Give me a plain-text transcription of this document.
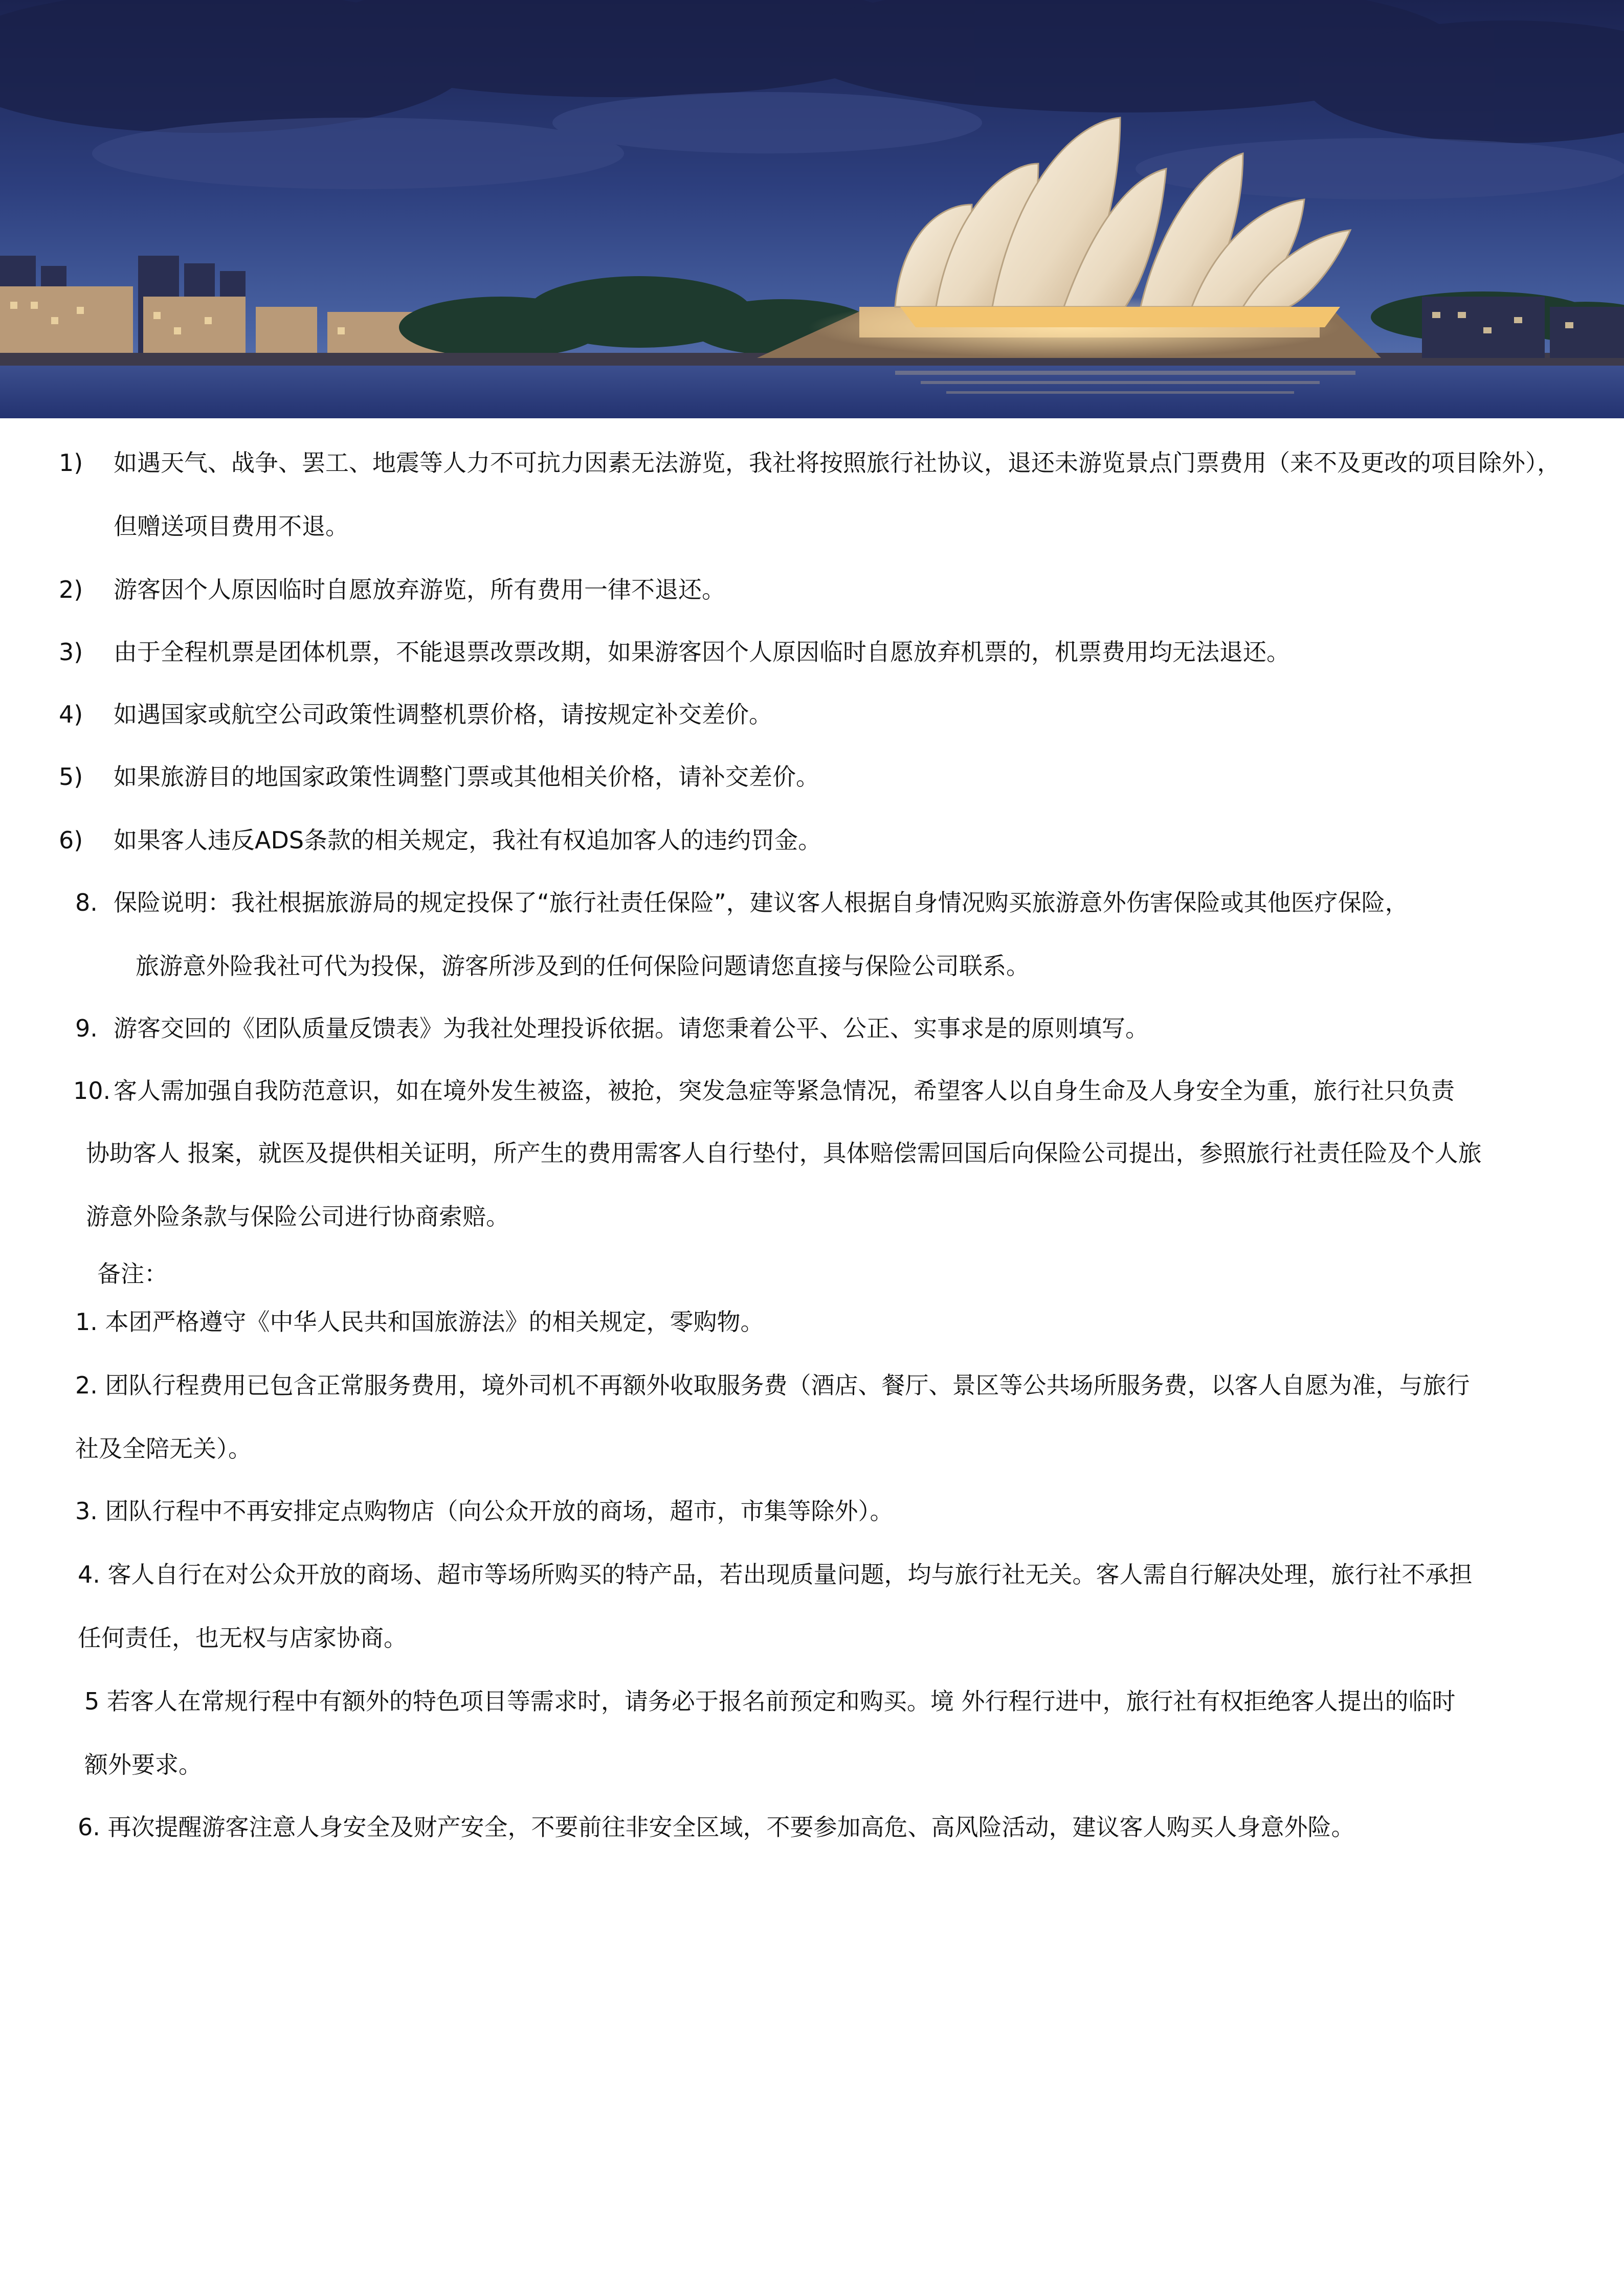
1) 如遇天气、战争、罢工、地震等人力不可抗力因素无法游览，我社将按照旅行社协议，退还未游览景点门票费用（来不及更改的项目除外），
但赠送项目费用不退。
2) 游客因个人原因临时自愿放弃游览，所有费用一律不退还。
3) 由于全程机票是团体机票，不能退票改票改期，如果游客因个人原因临时自愿放弃机票的，机票费用均无法退还。
4) 如遇国家或航空公司政策性调整机票价格，请按规定补交差价。
5) 如果旅游目的地国家政策性调整门票或其他相关价格，请补交差价。
6) 如果客人违反ADS条款的相关规定，我社有权追加客人的违约罚金。
8. 保险说明：我社根据旅游局的规定投保了“旅行社责任保险”，建议客人根据自身情况购买旅游意外伤害保险或其他医疗保险，
旅游意外险我社可代为投保，游客所涉及到的任何保险问题请您直接与保险公司联系。
9. 游客交回的《团队质量反馈表》为我社处理投诉依据。请您秉着公平、公正、实事求是的原则填写。
10. 客人需加强自我防范意识，如在境外发生被盗，被抢，突发急症等紧急情况，希望客人以自身生命及人身安全为重，旅行社只负责
协助客人 报案，就医及提供相关证明，所产生的费用需客人自行垫付，具体赔偿需回国后向保险公司提出，参照旅行社责任险及个人旅
游意外险条款与保险公司进行协商索赔。
备注：
1. 本团严格遵守《中华人民共和国旅游法》的相关规定，零购物。
2. 团队行程费用已包含正常服务费用，境外司机不再额外收取服务费（酒店、餐厅、景区等公共场所服务费，以客人自愿为准，与旅行
社及全陪无关）。
3. 团队行程中不再安排定点购物店（向公众开放的商场，超市，市集等除外）。
4. 客人自行在对公众开放的商场、超市等场所购买的特产品，若出现质量问题，均与旅行社无关。客人需自行解决处理，旅行社不承担
任何责任，也无权与店家协商。
5 若客人在常规行程中有额外的特色项目等需求时，请务必于报名前预定和购买。境 外行程行进中，旅行社有权拒绝客人提出的临时
额外要求。
6. 再次提醒游客注意人身安全及财产安全，不要前往非安全区域，不要参加高危、高风险活动，建议客人购买人身意外险。
